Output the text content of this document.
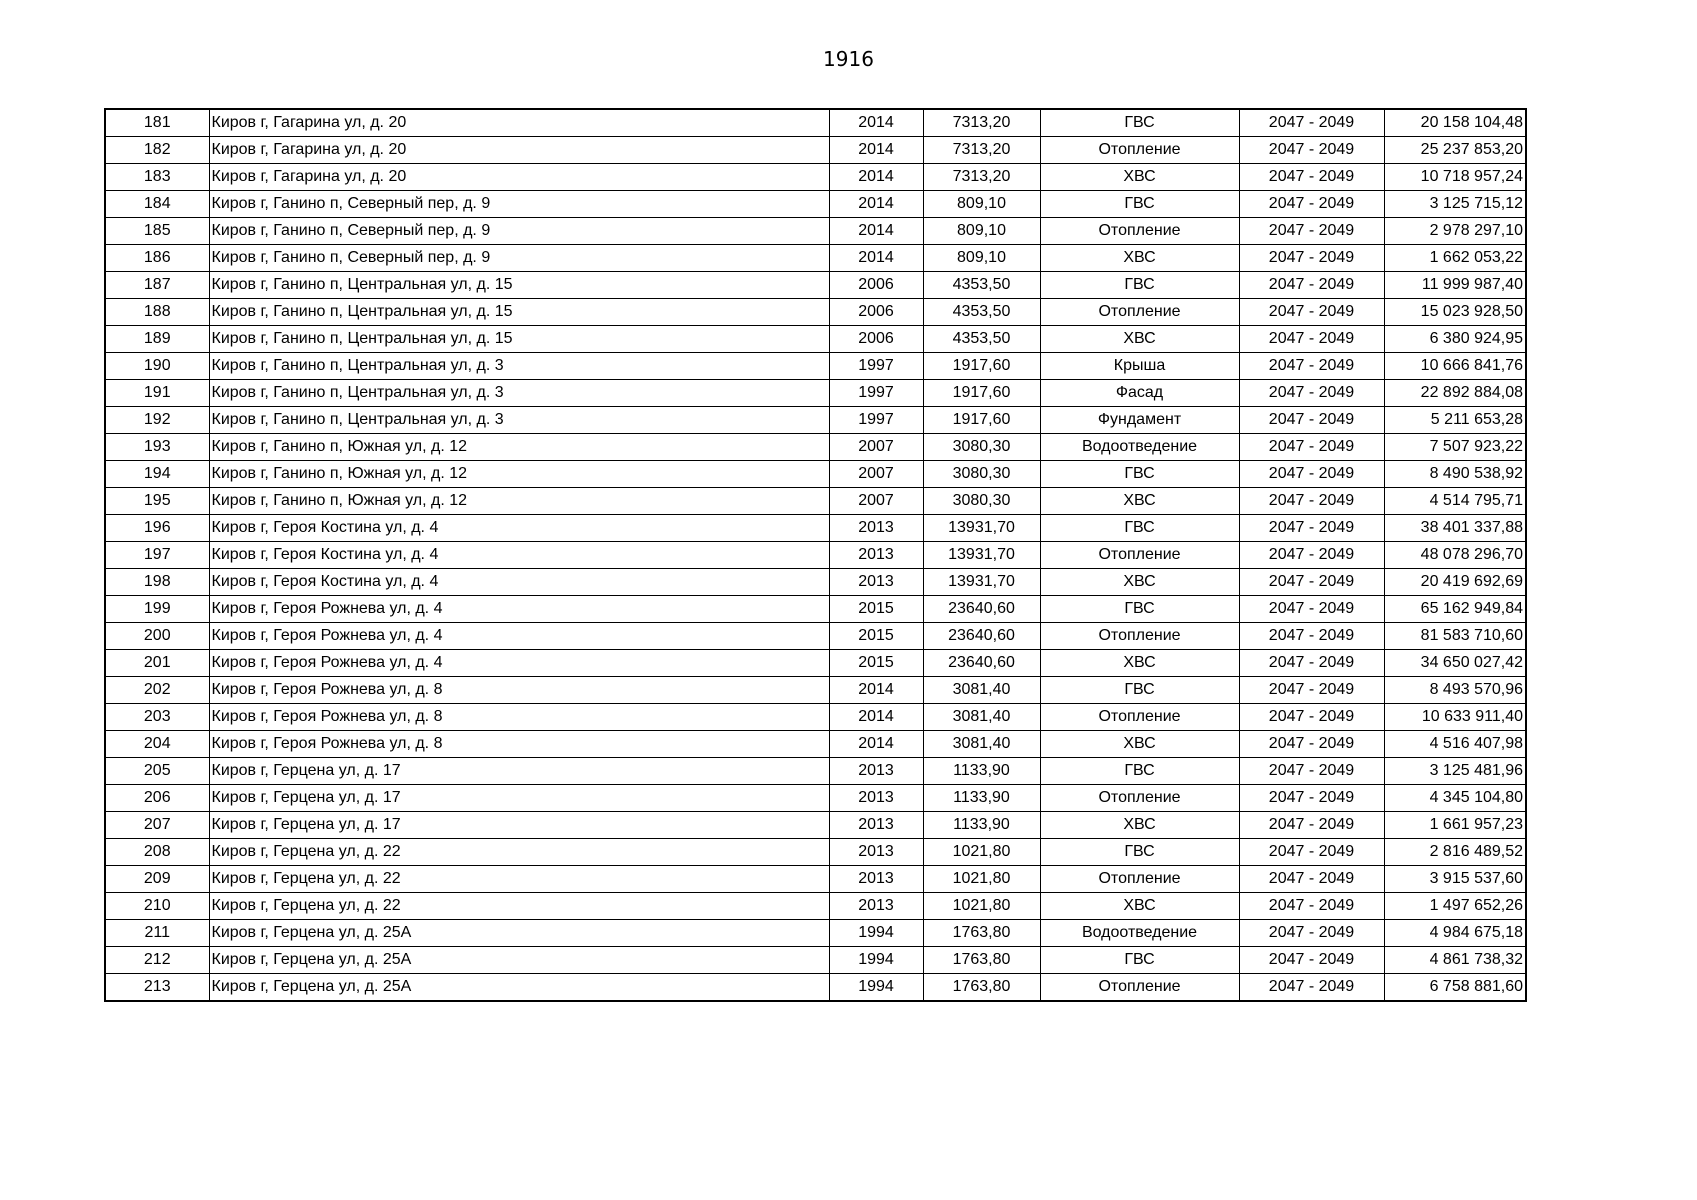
1916
181	Киров г, Гагарина ул, д. 20	2014	7313,20	ГВС	2047 - 2049	20 158 104,48
182	Киров г, Гагарина ул, д. 20	2014	7313,20	Отопление	2047 - 2049	25 237 853,20
183	Киров г, Гагарина ул, д. 20	2014	7313,20	ХВС	2047 - 2049	10 718 957,24
184	Киров г, Ганино п, Северный пер, д. 9	2014	809,10	ГВС	2047 - 2049	3 125 715,12
185	Киров г, Ганино п, Северный пер, д. 9	2014	809,10	Отопление	2047 - 2049	2 978 297,10
186	Киров г, Ганино п, Северный пер, д. 9	2014	809,10	ХВС	2047 - 2049	1 662 053,22
187	Киров г, Ганино п, Центральная ул, д. 15	2006	4353,50	ГВС	2047 - 2049	11 999 987,40
188	Киров г, Ганино п, Центральная ул, д. 15	2006	4353,50	Отопление	2047 - 2049	15 023 928,50
189	Киров г, Ганино п, Центральная ул, д. 15	2006	4353,50	ХВС	2047 - 2049	6 380 924,95
190	Киров г, Ганино п, Центральная ул, д. 3	1997	1917,60	Крыша	2047 - 2049	10 666 841,76
191	Киров г, Ганино п, Центральная ул, д. 3	1997	1917,60	Фасад	2047 - 2049	22 892 884,08
192	Киров г, Ганино п, Центральная ул, д. 3	1997	1917,60	Фундамент	2047 - 2049	5 211 653,28
193	Киров г, Ганино п, Южная ул, д. 12	2007	3080,30	Водоотведение	2047 - 2049	7 507 923,22
194	Киров г, Ганино п, Южная ул, д. 12	2007	3080,30	ГВС	2047 - 2049	8 490 538,92
195	Киров г, Ганино п, Южная ул, д. 12	2007	3080,30	ХВС	2047 - 2049	4 514 795,71
196	Киров г, Героя Костина ул, д. 4	2013	13931,70	ГВС	2047 - 2049	38 401 337,88
197	Киров г, Героя Костина ул, д. 4	2013	13931,70	Отопление	2047 - 2049	48 078 296,70
198	Киров г, Героя Костина ул, д. 4	2013	13931,70	ХВС	2047 - 2049	20 419 692,69
199	Киров г, Героя Рожнева ул, д. 4	2015	23640,60	ГВС	2047 - 2049	65 162 949,84
200	Киров г, Героя Рожнева ул, д. 4	2015	23640,60	Отопление	2047 - 2049	81 583 710,60
201	Киров г, Героя Рожнева ул, д. 4	2015	23640,60	ХВС	2047 - 2049	34 650 027,42
202	Киров г, Героя Рожнева ул, д. 8	2014	3081,40	ГВС	2047 - 2049	8 493 570,96
203	Киров г, Героя Рожнева ул, д. 8	2014	3081,40	Отопление	2047 - 2049	10 633 911,40
204	Киров г, Героя Рожнева ул, д. 8	2014	3081,40	ХВС	2047 - 2049	4 516 407,98
205	Киров г, Герцена ул, д. 17	2013	1133,90	ГВС	2047 - 2049	3 125 481,96
206	Киров г, Герцена ул, д. 17	2013	1133,90	Отопление	2047 - 2049	4 345 104,80
207	Киров г, Герцена ул, д. 17	2013	1133,90	ХВС	2047 - 2049	1 661 957,23
208	Киров г, Герцена ул, д. 22	2013	1021,80	ГВС	2047 - 2049	2 816 489,52
209	Киров г, Герцена ул, д. 22	2013	1021,80	Отопление	2047 - 2049	3 915 537,60
210	Киров г, Герцена ул, д. 22	2013	1021,80	ХВС	2047 - 2049	1 497 652,26
211	Киров г, Герцена ул, д. 25А	1994	1763,80	Водоотведение	2047 - 2049	4 984 675,18
212	Киров г, Герцена ул, д. 25А	1994	1763,80	ГВС	2047 - 2049	4 861 738,32
213	Киров г, Герцена ул, д. 25А	1994	1763,80	Отопление	2047 - 2049	6 758 881,60
